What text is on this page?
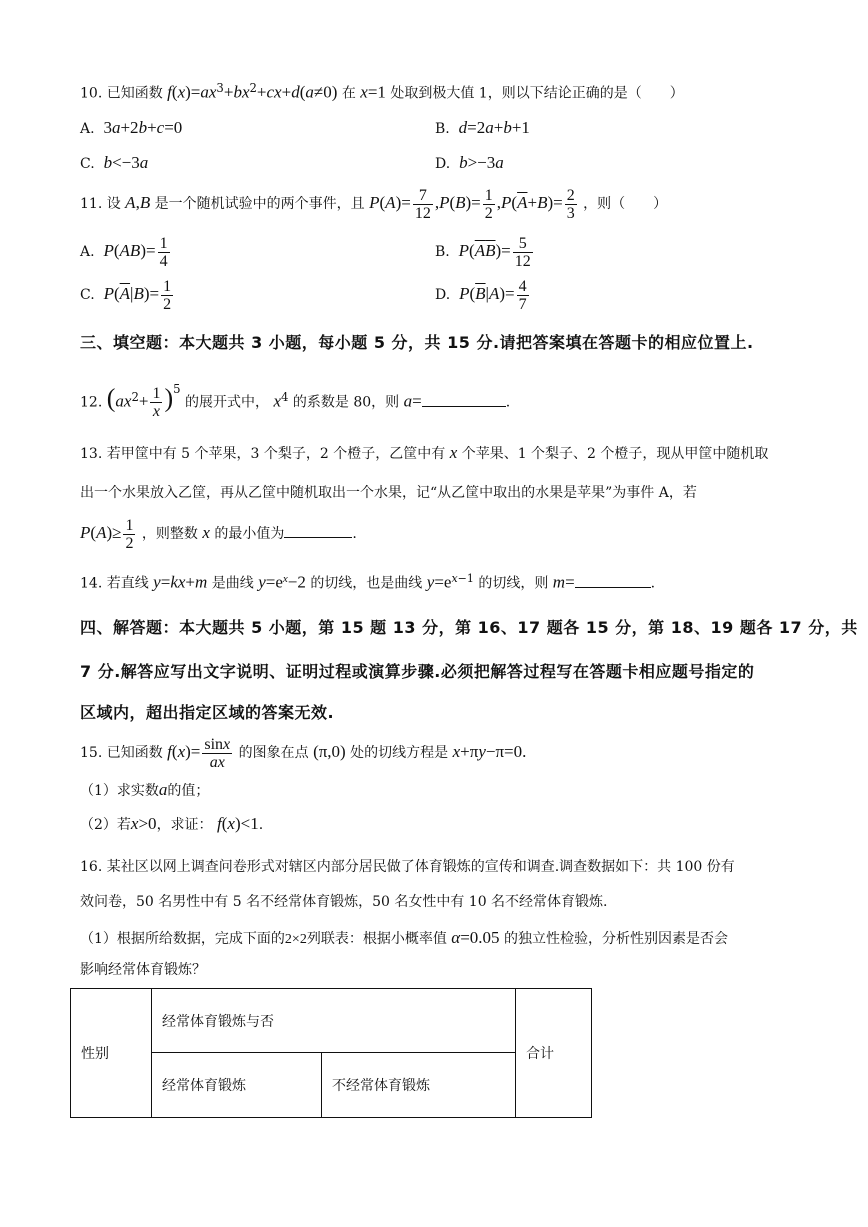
10. 已知函数 $f(x)=ax^3+bx^2+cx+d(a\ne 0)$ 在 x=1 处取到极大值 1，则以下结论正确的是（　　）
A. 3a+2b+c=0	B. d=2a+b+1
C. b<−3a	D. b>−3a
11. 设 A,B 是一个随机试验中的两个事件，且 $P(A)= \frac{7}{12} ,P(B)= \frac{1}{2} ,P(\overline{A}+B)= \frac{2}{3}$ ，则（　　）
A. $P(AB)= \frac{1}{4}$	B. $P(\overline{A}\overline{B})= \frac{5}{12}$
C. $P(\overline{A}|B)= \frac{1}{2}$	D. $P(\overline{B}|A)= \frac{4}{7}$
三、填空题：本大题共 3 小题，每小题 5 分，共 15 分.请把答案填在答题卡的相应位置上.
12. $(ax^2+ \frac{1}{x} )^5$ 的展开式中， $x^4$ 的系数是 80，则 a=	.
13. 若甲筐中有 5 个苹果，3 个梨子，2 个橙子，乙筐中有 x 个苹果、1 个梨子、2 个橙子，现从甲筐中随机取
出一个水果放入乙筐，再从乙筐中随机取出一个水果，记“从乙筐中取出的水果是苹果”为事件 A，若
$P(A)\ge \frac{1}{2}$ ，则整数 x 的最小值为	.
14. 若直线 y=kx+m 是曲线 $y=e^x-2$ 的切线，也是曲线 $y=e^{x-1}$ 的切线，则 m=	.
四、解答题：本大题共 5 小题，第 15 题 13 分，第 16、17 题各 15 分，第 18、19 题各 17 分，共
7 分.解答应写出文字说明、证明过程或演算步骤.必须把解答过程写在答题卡相应题号指定的
区域内，超出指定区域的答案无效.
15. 已知函数 $f(x)= \frac{\sin x}{ax}$ 的图象在点 (π,0) 处的切线方程是 x+πy−π=0.
（1）求实数a的值；
（2）若x>0，求证： f(x)<1.
16. 某社区以网上调查问卷形式对辖区内部分居民做了体育锻炼的宣传和调查.调查数据如下：共 100 份有
效问卷，50 名男性中有 5 名不经常体育锻炼，50 名女性中有 10 名不经常体育锻炼.
（1）根据所给数据，完成下面的2×2列联表：根据小概率值 α=0.05 的独立性检验，分析性别因素是否会
影响经常体育锻炼？
性别	经常体育锻炼与否		合计
	经常体育锻炼	不经常体育锻炼	
